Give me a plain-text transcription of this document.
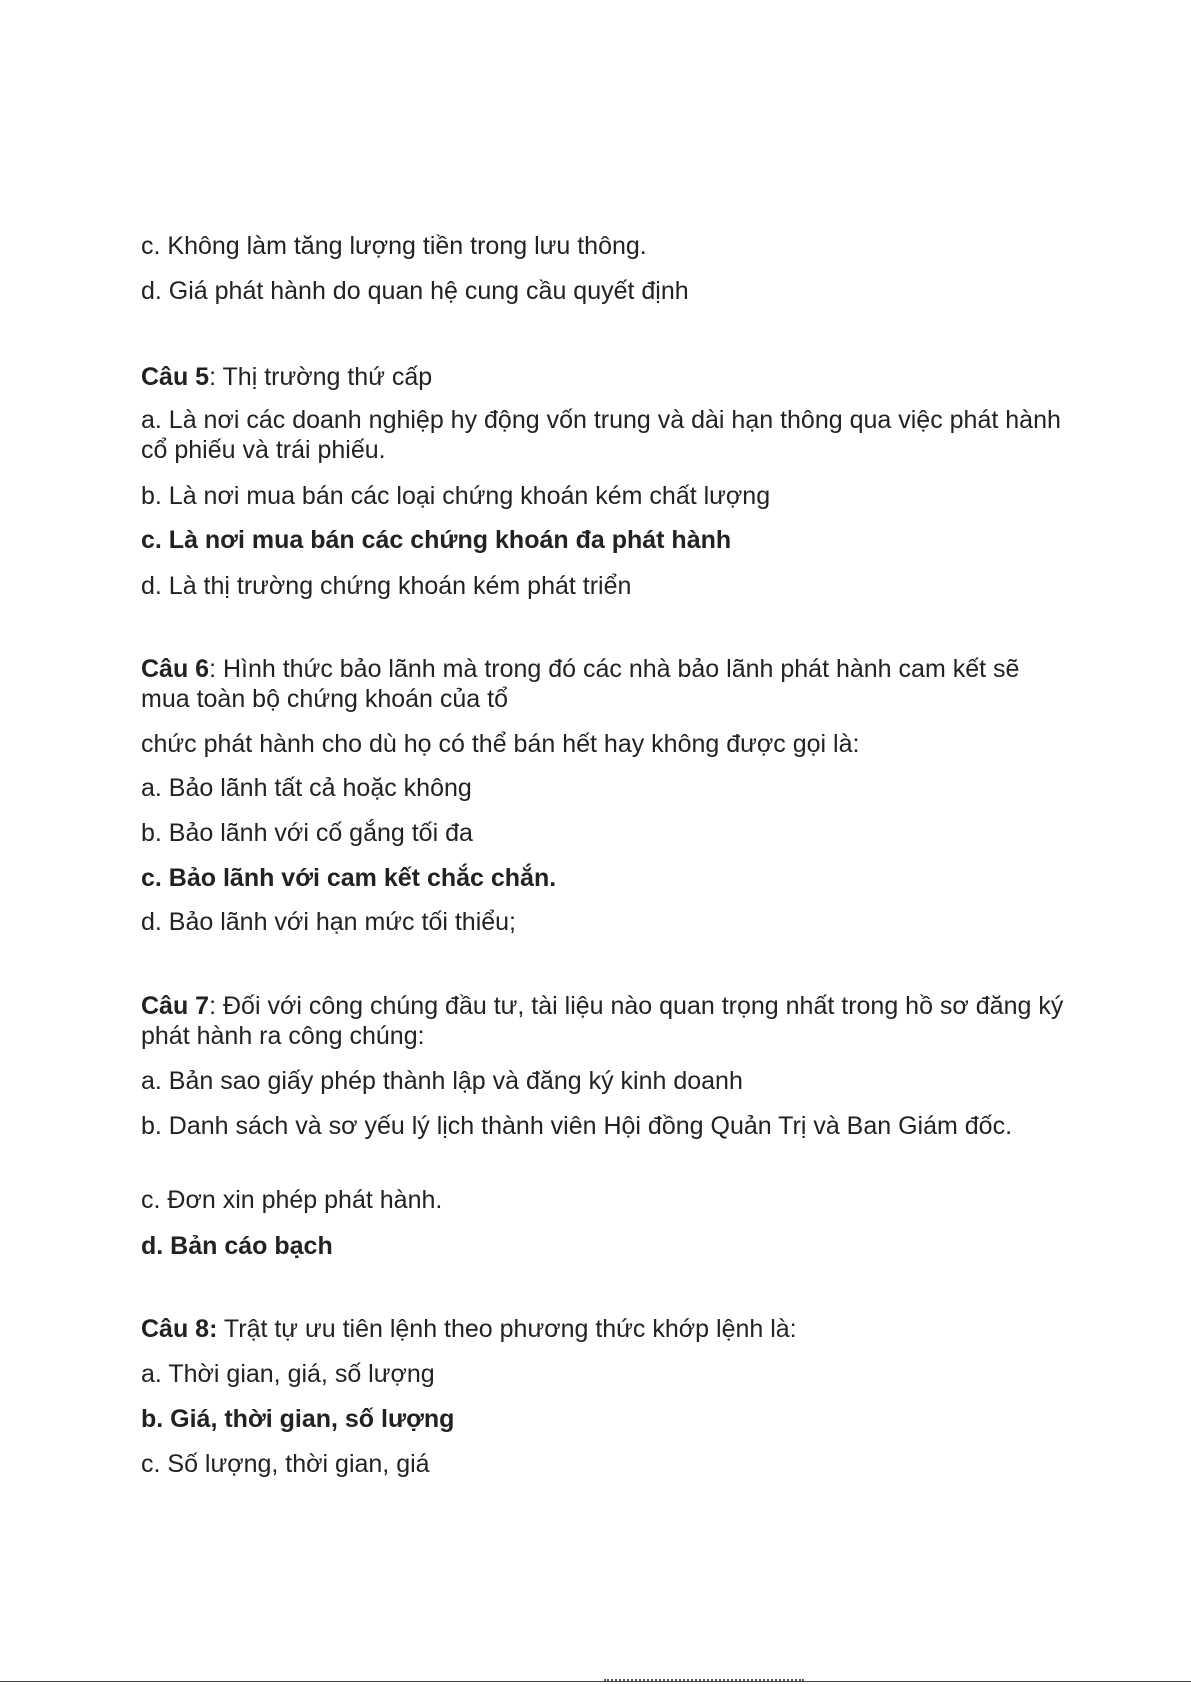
c. Không làm tăng lượng tiền trong lưu thông.
d. Giá phát hành do quan hệ cung cầu quyết định
Câu 5: Thị trường thứ cấp
a. Là nơi các doanh nghiệp hy động vốn trung và dài hạn thông qua việc phát hành cổ phiếu và trái phiếu.
b. Là nơi mua bán các loại chứng khoán kém chất lượng
c. Là nơi mua bán các chứng khoán đa phát hành
d. Là thị trường chứng khoán kém phát triển
Câu 6: Hình thức bảo lãnh mà trong đó các nhà bảo lãnh phát hành cam kết sẽ mua toàn bộ chứng khoán của tổ
chức phát hành cho dù họ có thể bán hết hay không được gọi là:
a. Bảo lãnh tất cả hoặc không
b. Bảo lãnh với cố gắng tối đa
c. Bảo lãnh với cam kết chắc chắn.
d. Bảo lãnh với hạn mức tối thiểu;
Câu 7: Đối với công chúng đầu tư, tài liệu nào quan trọng nhất trong hồ sơ đăng ký phát hành ra công chúng:
a. Bản sao giấy phép thành lập và đăng ký kinh doanh
b. Danh sách và sơ yếu lý lịch thành viên Hội đồng Quản Trị và Ban Giám đốc.
c. Đơn xin phép phát hành.
d. Bản cáo bạch
Câu 8: Trật tự ưu tiên lệnh theo phương thức khớp lệnh là:
a. Thời gian, giá, số lượng
b. Giá, thời gian, số lượng
c. Số lượng, thời gian, giá
